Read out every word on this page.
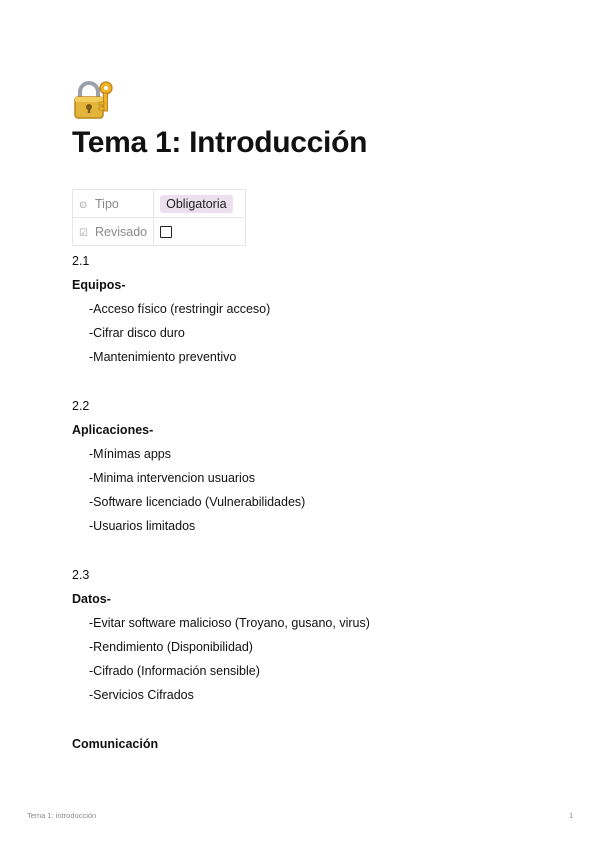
Tema 1: Introducción
⊙ Tipo	Obligatoria
☑ Revisado	
2.1
Equipos-
-Acceso físico (restringir acceso)
-Cifrar disco duro
-Mantenimiento preventivo
2.2
Aplicaciones-
-Mínimas apps
-Minima intervencion usuarios
-Software licenciado (Vulnerabilidades)
-Usuarios limitados
2.3
Datos-
-Evitar software malicioso (Troyano, gusano, virus)
-Rendimiento (Disponibilidad)
-Cifrado (Información sensible)
-Servicios Cifrados
Comunicación
Tema 1: introducción	1
